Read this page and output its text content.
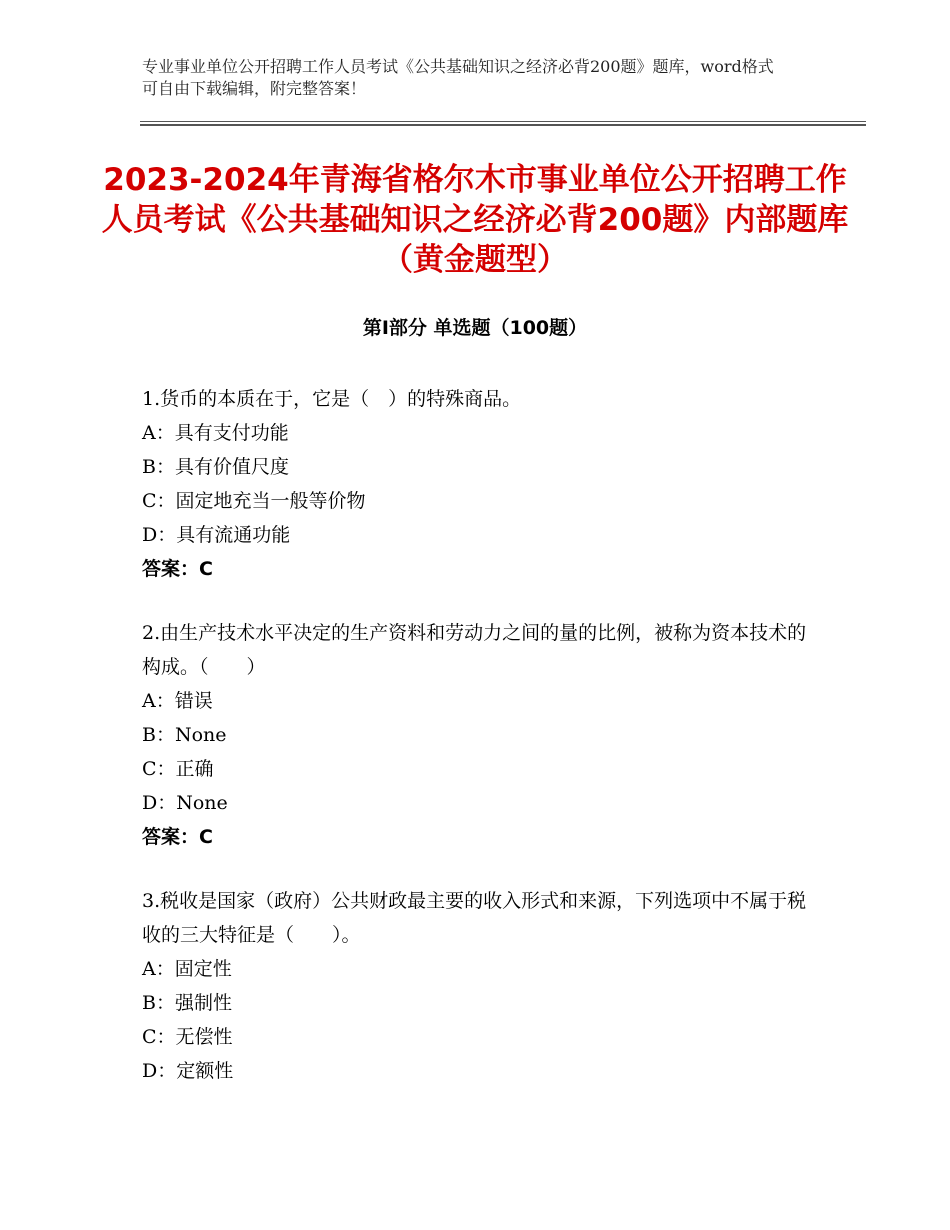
专业事业单位公开招聘工作人员考试《公共基础知识之经济必背200题》题库，word格式可自由下载编辑，附完整答案！
2023-2024年青海省格尔木市事业单位公开招聘工作人员考试《公共基础知识之经济必背200题》内部题库（黄金题型）
第Ⅰ部分 单选题（100题）

1.货币的本质在于，它是（　）的特殊商品。

A：具有支付功能

B：具有价值尺度

C：固定地充当一般等价物

D：具有流通功能

答案：C

2.由生产技术水平决定的生产资料和劳动力之间的量的比例，被称为资本技术的构成。（　　）

A：错误

B：None

C：正确

D：None

答案：C

3.税收是国家（政府）公共财政最主要的收入形式和来源，下列选项中不属于税收的三大特征是（　　）。

A：固定性

B：强制性

C：无偿性

D：定额性
